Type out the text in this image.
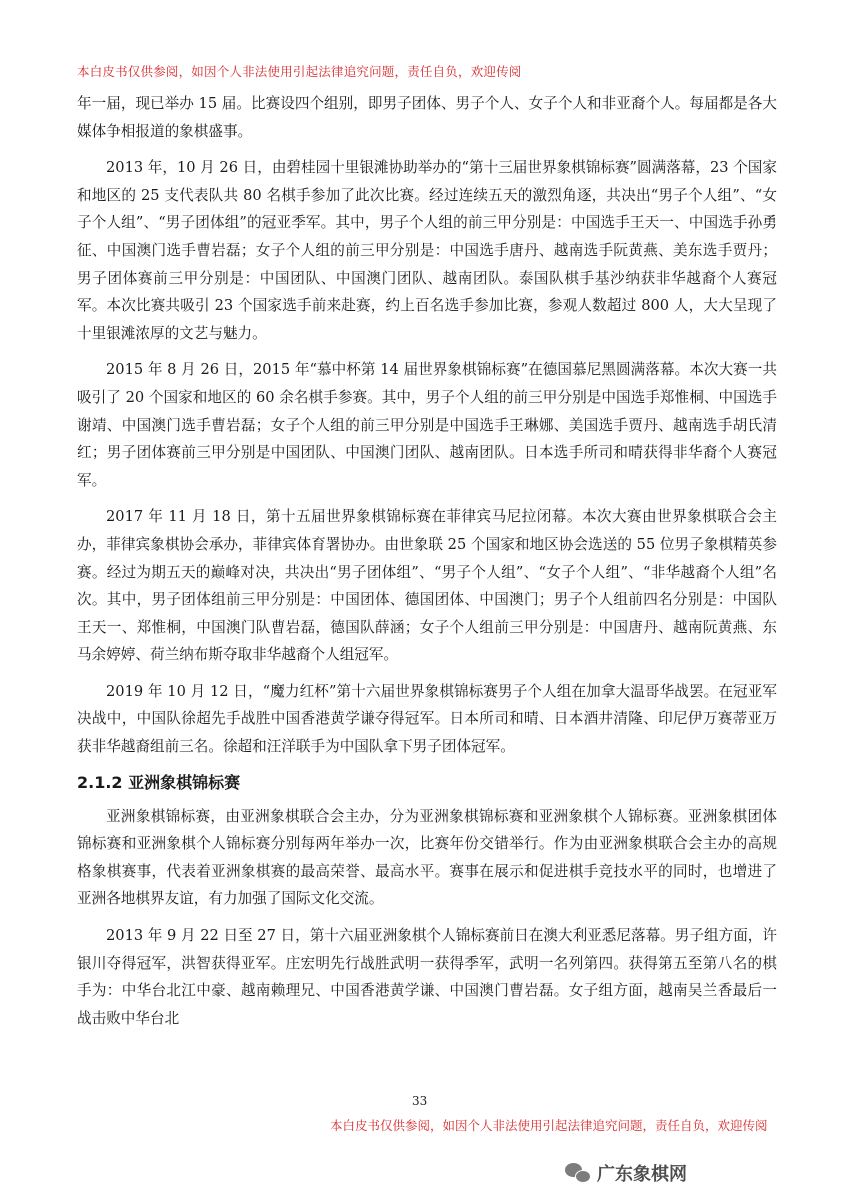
本白皮书仅供参阅，如因个人非法使用引起法律追究问题，责任自负，欢迎传阅

年一届，现已举办 15 届。比赛设四个组别，即男子团体、男子个人、女子个人和非亚裔个人。每届都是各大媒体争相报道的象棋盛事。

2013 年，10 月 26 日，由碧桂园十里银滩协助举办的“第十三届世界象棋锦标赛”圆满落幕，23 个国家和地区的 25 支代表队共 80 名棋手参加了此次比赛。经过连续五天的激烈角逐，共决出“男子个人组”、“女子个人组”、“男子团体组”的冠亚季军。其中，男子个人组的前三甲分别是：中国选手王天一、中国选手孙勇征、中国澳门选手曹岩磊；女子个人组的前三甲分别是：中国选手唐丹、越南选手阮黄燕、美东选手贾丹；男子团体赛前三甲分别是：中国团队、中国澳门团队、越南团队。泰国队棋手基沙纳获非华越裔个人赛冠军。本次比赛共吸引 23 个国家选手前来赴赛，约上百名选手参加比赛，参观人数超过 800 人，大大呈现了十里银滩浓厚的文艺与魅力。

2015 年 8 月 26 日，2015 年“慕中杯第 14 届世界象棋锦标赛”在德国慕尼黑圆满落幕。本次大赛一共吸引了 20 个国家和地区的 60 余名棋手参赛。其中，男子个人组的前三甲分别是中国选手郑惟桐、中国选手谢靖、中国澳门选手曹岩磊；女子个人组的前三甲分别是中国选手王琳娜、美国选手贾丹、越南选手胡氏清红；男子团体赛前三甲分别是中国团队、中国澳门团队、越南团队。日本选手所司和晴获得非华裔个人赛冠军。

2017 年 11 月 18 日，第十五届世界象棋锦标赛在菲律宾马尼拉闭幕。本次大赛由世界象棋联合会主办，菲律宾象棋协会承办，菲律宾体育署协办。由世象联 25 个国家和地区协会选送的 55 位男子象棋精英参赛。经过为期五天的巅峰对决，共决出“男子团体组”、“男子个人组”、“女子个人组”、“非华越裔个人组”名次。其中，男子团体组前三甲分别是：中国团体、德国团体、中国澳门；男子个人组前四名分别是：中国队王天一、郑惟桐，中国澳门队曹岩磊，德国队薛涵；女子个人组前三甲分别是：中国唐丹、越南阮黄燕、东马余婷婷、荷兰纳布斯夺取非华越裔个人组冠军。

2019 年 10 月 12 日，“魔力红杯”第十六届世界象棋锦标赛男子个人组在加拿大温哥华战罢。在冠亚军决战中，中国队徐超先手战胜中国香港黄学谦夺得冠军。日本所司和晴、日本酒井清隆、印尼伊万赛蒂亚万获非华越裔组前三名。徐超和汪洋联手为中国队拿下男子团体冠军。

2.1.2 亚洲象棋锦标赛

亚洲象棋锦标赛，由亚洲象棋联合会主办，分为亚洲象棋锦标赛和亚洲象棋个人锦标赛。亚洲象棋团体锦标赛和亚洲象棋个人锦标赛分别每两年举办一次，比赛年份交错举行。作为由亚洲象棋联合会主办的高规格象棋赛事，代表着亚洲象棋赛的最高荣誉、最高水平。赛事在展示和促进棋手竞技水平的同时，也增进了亚洲各地棋界友谊，有力加强了国际文化交流。

2013 年 9 月 22 日至 27 日，第十六届亚洲象棋个人锦标赛前日在澳大利亚悉尼落幕。男子组方面，许银川夺得冠军，洪智获得亚军。庄宏明先行战胜武明一获得季军，武明一名列第四。获得第五至第八名的棋手为：中华台北江中豪、越南赖理兄、中国香港黄学谦、中国澳门曹岩磊。女子组方面，越南吴兰香最后一战击败中华台北

33
本白皮书仅供参阅，如因个人非法使用引起法律追究问题，责任自负，欢迎传阅
广东象棋网
